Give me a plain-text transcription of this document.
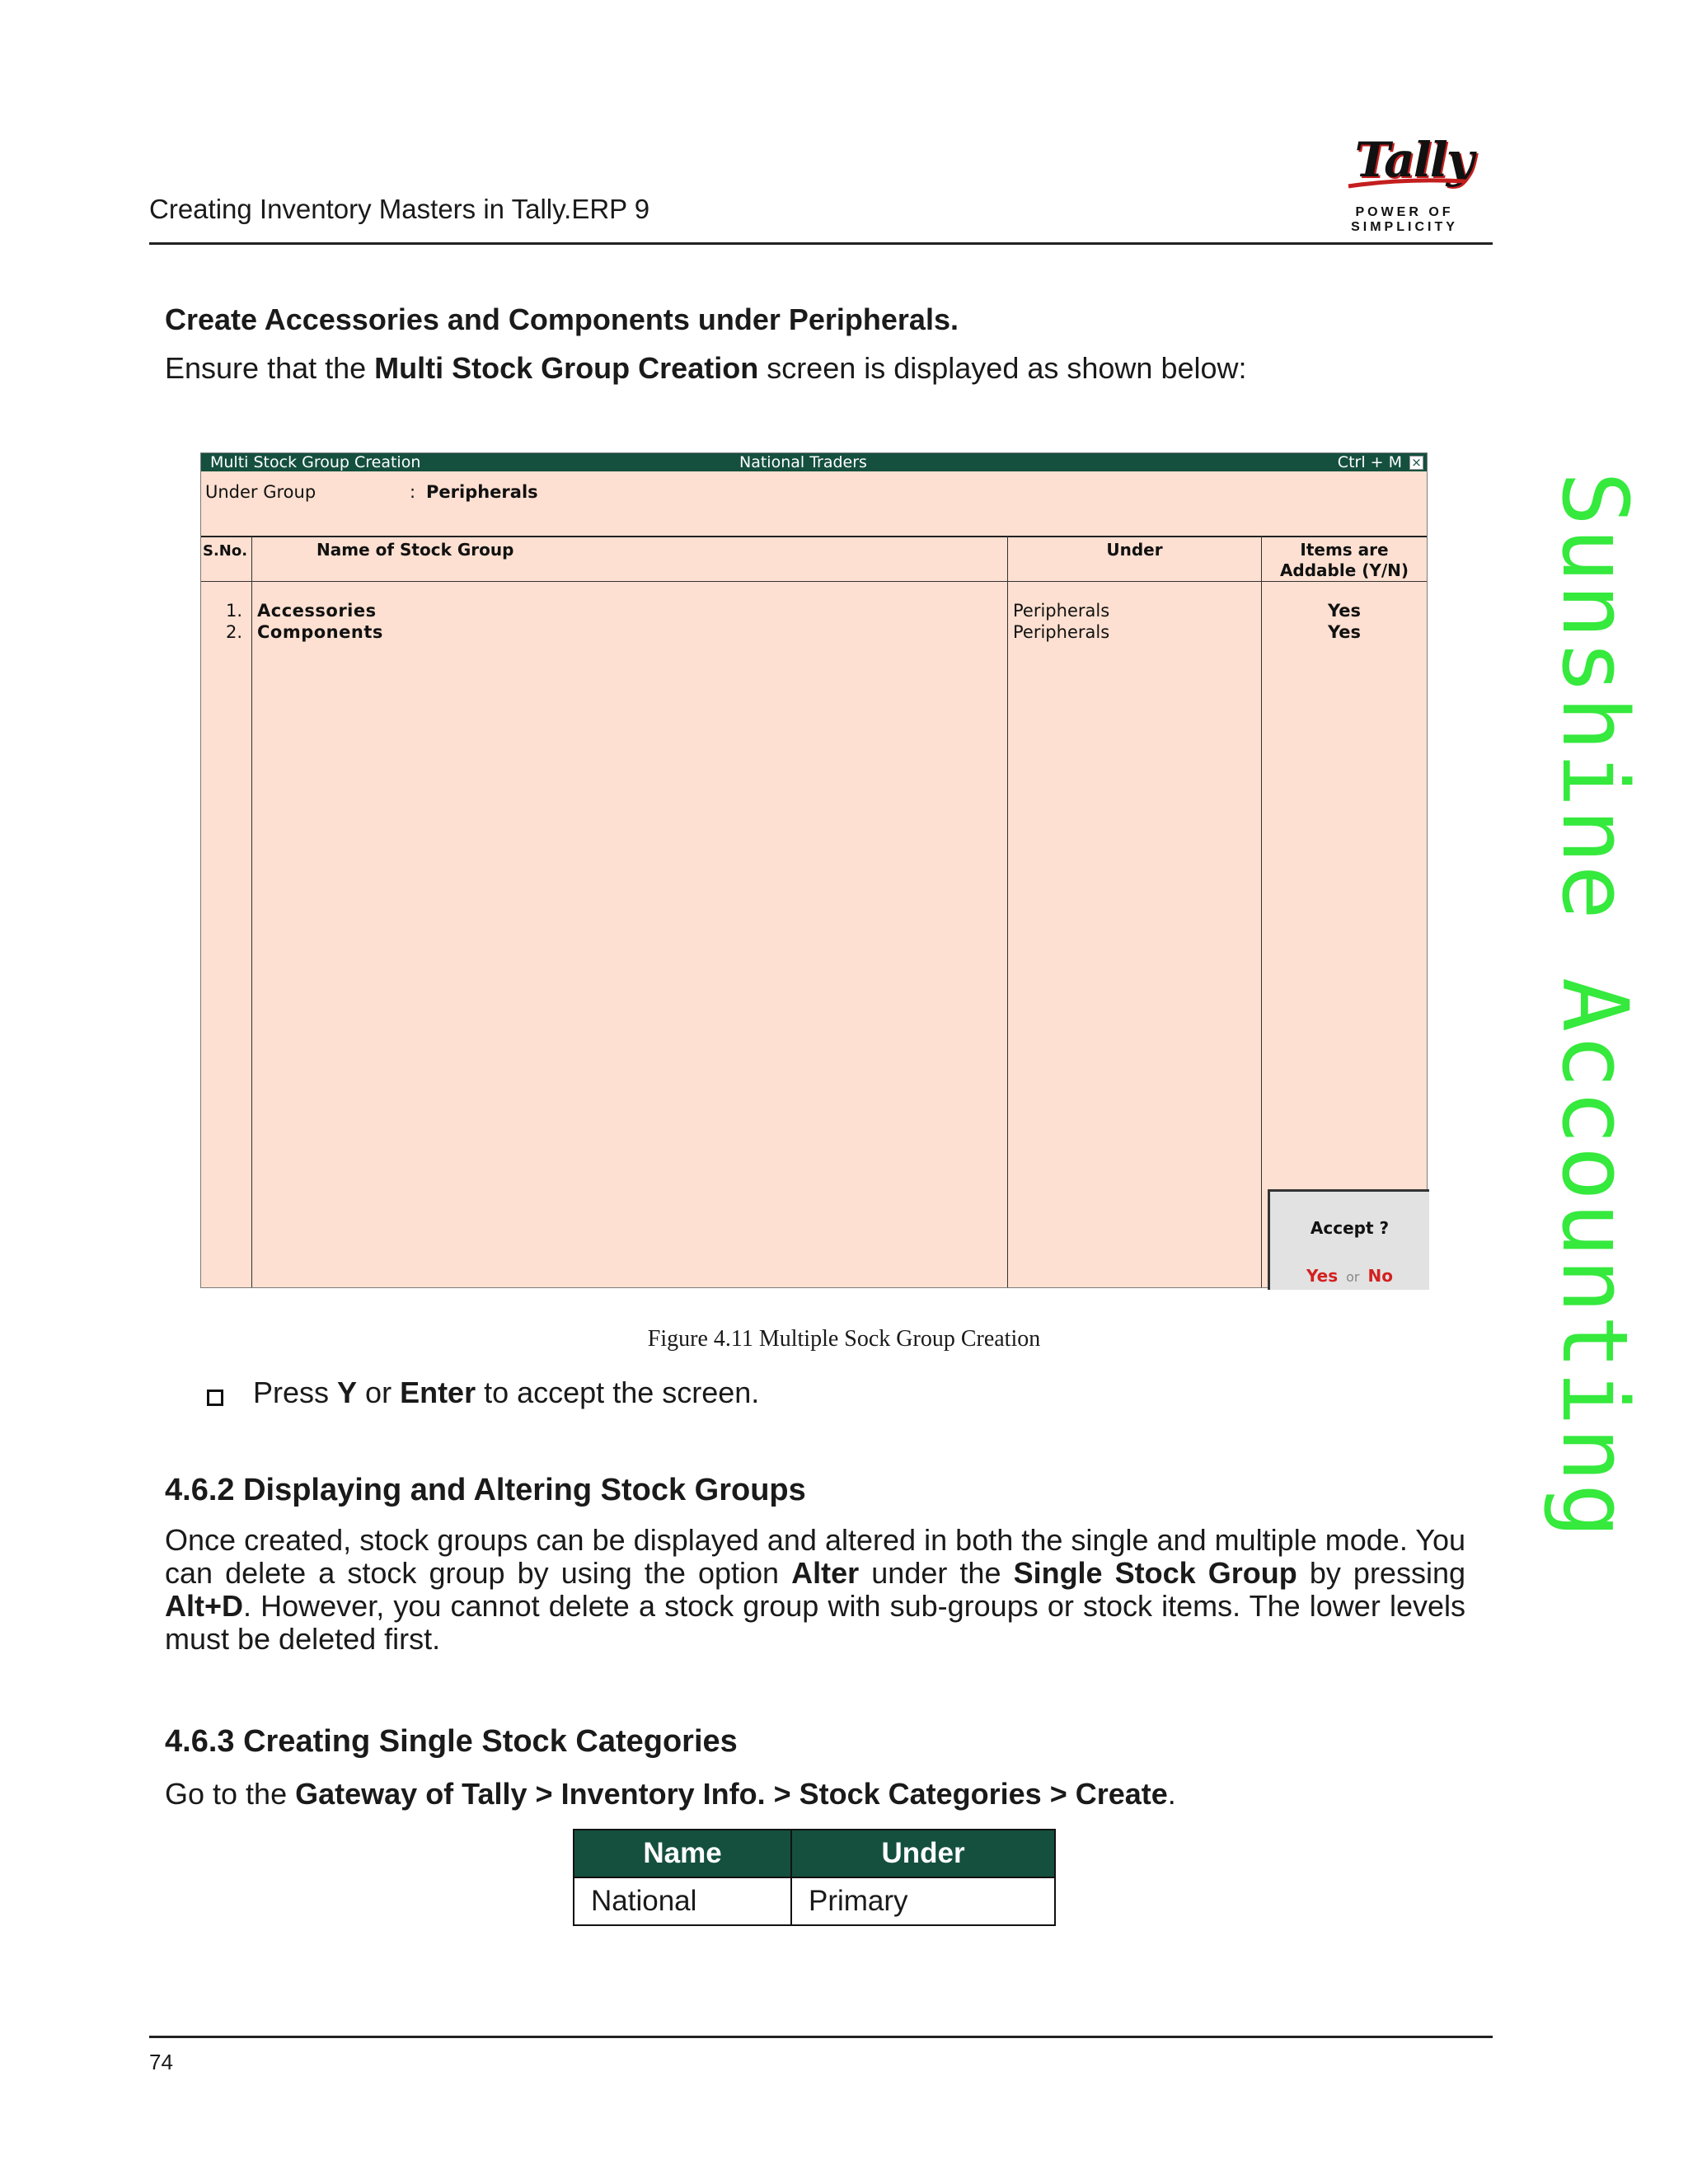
Creating Inventory Masters in Tally.ERP 9
Tally
POWER OF SIMPLICITY
Sunshine Accounting
Create Accessories and Components under Peripherals.
Ensure that the Multi Stock Group Creation screen is displayed as shown below:
Multi Stock Group Creation	National Traders	Ctrl + M ×
Under Group	: Peripherals
S.No.	Name of Stock Group	Under	Items are
Addable (Y/N)
1. Accessories	Peripherals	Yes
2. Components	Peripherals	Yes
Accept ?
Yes or No
Figure 4.11 Multiple Sock Group Creation
Press Y or Enter to accept the screen.
4.6.2 Displaying and Altering Stock Groups
Once created, stock groups can be displayed and altered in both the single and multiple mode. You can delete a stock group by using the option Alter under the Single Stock Group by pressing Alt+D. However, you cannot delete a stock group with sub-groups or stock items. The lower levels must be deleted first.
4.6.3 Creating Single Stock Categories
Go to the Gateway of Tally > Inventory Info. > Stock Categories > Create.
Name	Under
National	Primary
74
